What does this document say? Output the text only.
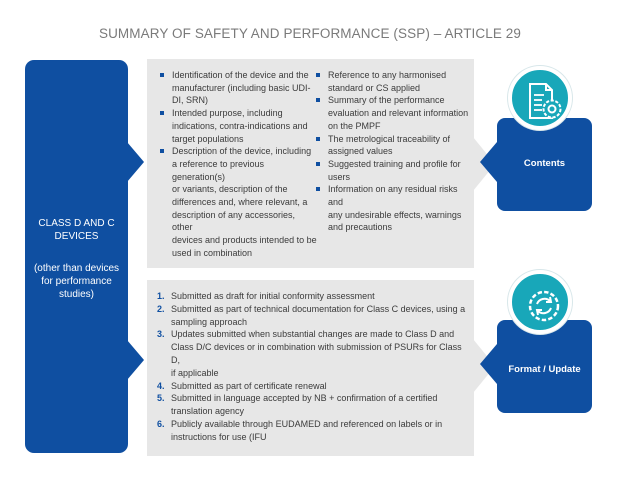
SUMMARY OF SAFETY AND PERFORMANCE (SSP) – ARTICLE 29
CLASS D AND C
DEVICES
(other than devices
for performance
studies)
Identification of the device and the
manufacturer (including basic UDI-
DI, SRN)
Intended purpose, including
indications, contra-indications and
target populations
Description of the device, including
a reference to previous generation(s)
or variants, description of the
differences and, where relevant, a
description of any accessories, other
devices and products intended to be
used in combination
Reference to any harmonised
standard or CS applied
Summary of the performance
evaluation and relevant information
on the PMPF
The metrological traceability of
assigned values
Suggested training and profile for
users
Information on any residual risks and
any undesirable effects, warnings
and precautions
1. Submitted as draft for initial conformity assessment
2. Submitted as part of technical documentation for Class C devices, using a
sampling approach
3. Updates submitted when substantial changes are made to Class D and
Class D/C devices or in combination with submission of PSURs for Class D,
if applicable
4. Submitted as part of certificate renewal
5. Submitted in language accepted by NB + confirmation of a certified
translation agency
6. Publicly available through EUDAMED and referenced on labels or in
instructions for use (IFU
Contents
Format / Update
